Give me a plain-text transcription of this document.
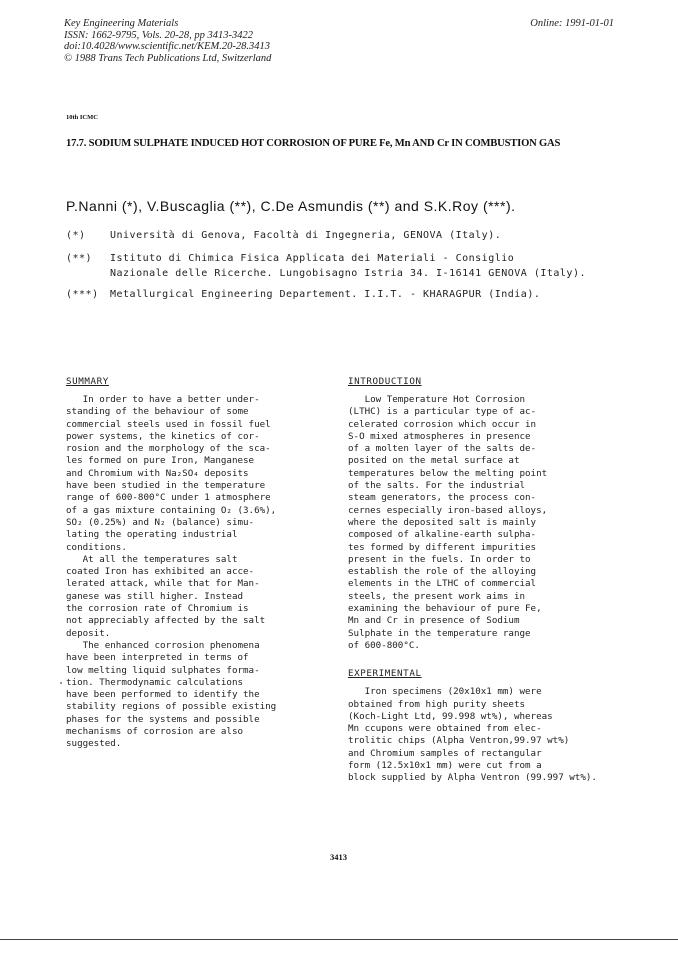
Key Engineering Materials
ISSN: 1662-9795, Vols. 20-28, pp 3413-3422
doi:10.4028/www.scientific.net/KEM.20-28.3413
© 1988 Trans Tech Publications Ltd, Switzerland
Online: 1991-01-01
10th ICMC
17.7. SODIUM SULPHATE INDUCED HOT CORROSION OF PURE Fe, Mn AND Cr IN COMBUSTION GAS
P.Nanni (*), V.Buscaglia (**), C.De Asmundis (**) and S.K.Roy (***).
(*) Università di Genova, Facoltà di Ingegneria, GENOVA (Italy).
(**) Istituto di Chimica Fisica Applicata dei Materiali - Consiglio
Nazionale delle Ricerche. Lungobisagno Istria 34. I-16141 GENOVA (Italy).
(***) Metallurgical Engineering Departement. I.I.T. - KHARAGPUR (India).
SUMMARY

In order to have a better under-

standing of the behaviour of some

commercial steels used in fossil fuel

power systems, the kinetics of cor-

rosion and the morphology of the sca-

les formed on pure Iron, Manganese

and Chromium with Na₂SO₄ deposits

have been studied in the temperature

range of 600-800°C under 1 atmosphere

of a gas mixture containing O₂ (3.6%),

SO₂ (0.25%) and N₂ (balance) simu-

lating the operating industrial

conditions.

At all the temperatures salt

coated Iron has exhibited an acce-

lerated attack, while that for Man-

ganese was still higher. Instead

the corrosion rate of Chromium is

not appreciably affected by the salt

deposit.

The enhanced corrosion phenomena

have been interpreted in terms of

low melting liquid sulphates forma-

tion. Thermodynamic calculations

have been performed to identify the

stability regions of possible existing

phases for the systems and possible

mechanisms of corrosion are also

suggested.

INTRODUCTION

Low Temperature Hot Corrosion

(LTHC) is a particular type of ac-

celerated corrosion which occur in

S-O mixed atmospheres in presence

of a molten layer of the salts de-

posited on the metal surface at

temperatures below the melting point

of the salts. For the industrial

steam generators, the process con-

cernes especially iron-based alloys,

where the deposited salt is mainly

composed of alkaline-earth sulpha-

tes formed by different impurities

present in the fuels. In order to

establish the role of the alloying

elements in the LTHC of commercial

steels, the present work aims in

examining the behaviour of pure Fe,

Mn and Cr in presence of Sodium

Sulphate in the temperature range

of 600-800°C.

EXPERIMENTAL

Iron specimens (20x10x1 mm) were

obtained from high purity sheets

(Koch-Light Ltd, 99.998 wt%), whereas

Mn ccupons were obtained from elec-

trolitic chips (Alpha Ventron,99.97 wt%)

and Chromium samples of rectangular

form (12.5x10x1 mm) were cut from a

block supplied by Alpha Ventron (99.997 wt%).

3413
